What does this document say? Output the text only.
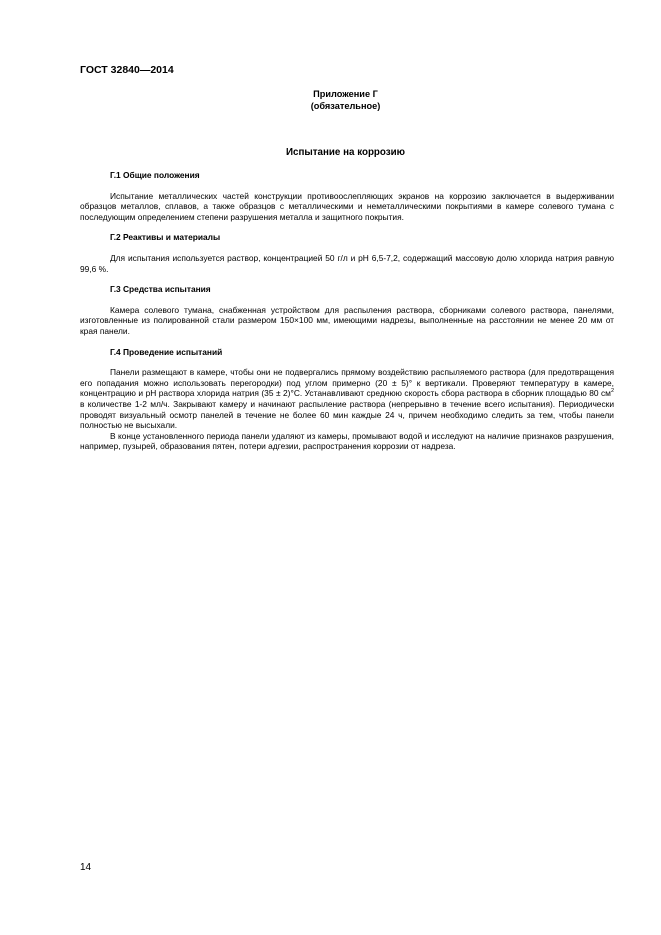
ГОСТ 32840—2014
Приложение Г
(обязательное)
Испытание на коррозию
Г.1 Общие положения

Испытание металлических частей конструкции противоослепляющих экранов на коррозию заключается в выдерживании образцов металлов, сплавов, а также образцов с металлическими и неметаллическими покрытиями в камере солевого тумана с последующим определением степени разрушения металла и защитного покрытия.

Г.2 Реактивы и материалы

Для испытания используется раствор, концентрацией 50 г/л и pH 6,5-7,2, содержащий массовую долю хлорида натрия равную 99,6 %.

Г.3 Средства испытания

Камера солевого тумана, снабженная устройством для распыления раствора, сборниками солевого раствора, панелями, изготовленные из полированной стали размером 150×100 мм, имеющими надрезы, выполненные на расстоянии не менее 20 мм от края панели.

Г.4 Проведение испытаний

Панели размещают в камере, чтобы они не подвергались прямому воздействию распыляемого раствора (для предотвращения его попадания можно использовать перегородки) под углом примерно (20 ± 5)° к вертикали. Проверяют температуру в камере, концентрацию и pH раствора хлорида натрия (35 ± 2)°С. Устанавливают среднюю скорость сбора раствора в сборник площадью 80 $см^2$ в количестве 1-2 мл/ч. Закрывают камеру и начинают распыление раствора (непрерывно в течение всего испытания). Периодически проводят визуальный осмотр панелей в течение не более 60 мин каждые 24 ч, причем необходимо следить за тем, чтобы панели полностью не высыхали.

В конце установленного периода панели удаляют из камеры, промывают водой и исследуют на наличие признаков разрушения, например, пузырей, образования пятен, потери адгезии, распространения коррозии от надреза.

14
